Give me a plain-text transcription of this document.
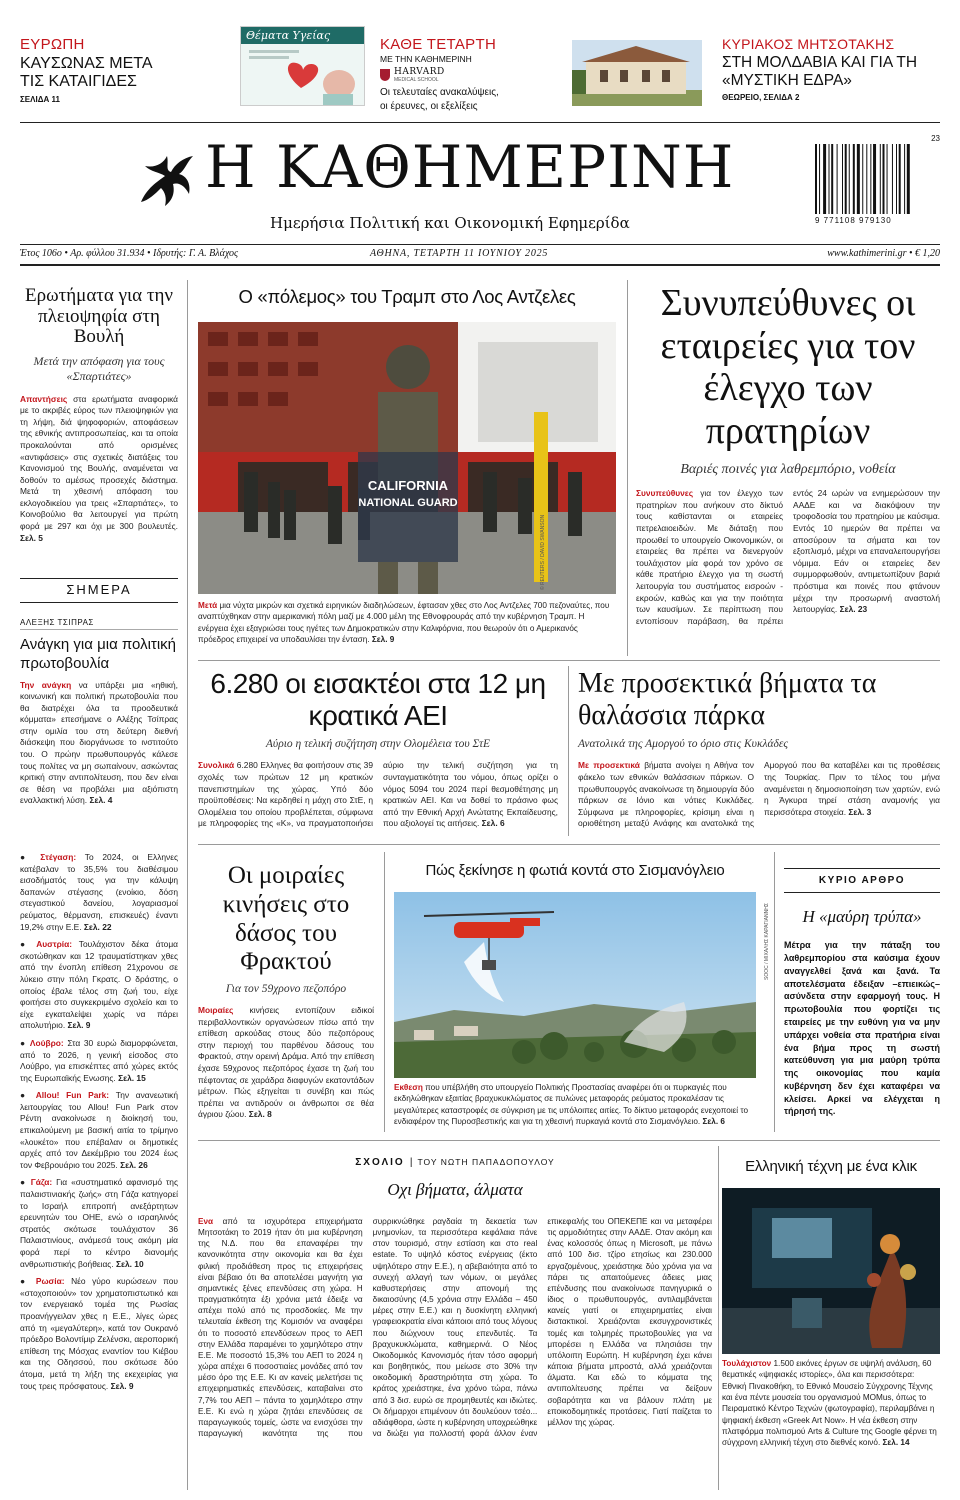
ΕΥΡΩΠΗ
ΚΑΥΣΩΝΑΣ ΜΕΤΑ ΤΙΣ ΚΑΤΑΙΓΙΔΕΣ
ΣΕΛΙΔΑ 11
Θέματα Υγείας
ΚΑΘΕ ΤΕΤΑΡΤΗ
ΜΕ ΤΗΝ ΚΑΘΗΜΕΡΙΝΗ
HARVARD
MEDICAL SCHOOL
Οι τελευταίες ανακαλύψεις, οι έρευνες, οι εξελίξεις
ΚΥΡΙΑΚΟΣ ΜΗΤΣΟΤΑΚΗΣ
ΣΤΗ ΜΟΛΔΑΒΙΑ ΚΑΙ ΓΙΑ ΤΗ «ΜΥΣΤΙΚΗ ΕΔΡΑ»
ΘΕΩΡΕΙΟ, ΣΕΛΙΔΑ 2
Η ΚΑΘΗΜΕΡΙΝΗ
Ημερήσια Πολιτική και Οικονομική Εφημερίδα
23
9 771108 979130
Έτος 106ο • Αρ. φύλλου 31.934 • Ιδρυτής: Γ. Α. Βλάχος	ΑΘΗΝΑ, ΤΕΤΑΡΤΗ 11 ΙΟΥΝΙΟΥ 2025	www.kathimerini.gr • € 1,20
Ερωτήματα για την πλειοψηφία στη Βουλή
Μετά την απόφαση για τους «Σπαρτιάτες»
Απαντήσεις στα ερωτήματα αναφορικά με το ακριβές εύρος των πλειοψηφιών για τη λήψη, διά ψηφοφοριών, αποφάσεων της εθνικής αντιπροσωπείας, και τα οποία προκαλούνται από ορισμένες «αντιφάσεις» στις σχετικές διατάξεις του Κανονισμού της Βουλής, αναμένεται να δοθούν το αμέσως προσεχές διάστημα. Μετά τη χθεσινή απόφαση του εκλογοδικείου για τρεις «Σπαρτιάτες», το Κοινοβούλιο θα λειτουργεί για πρώτη φορά με 297 και όχι με 300 βουλευτές. Σελ. 5
ΣΗΜΕΡΑ
ΑΛΕΞΗΣ ΤΣΙΠΡΑΣ
Ανάγκη για μια πολιτική πρωτοβουλία
Την ανάγκη να υπάρξει μια «ηθική, κοινωνική και πολιτική πρωτοβουλία που θα διατρέχει όλα τα προοδευτικά κόμματα» επεσήμανε ο Αλέξης Τσίπρας στην ομιλία του στη δεύτερη διεθνή διάσκεψη που διοργάνωσε το ινστιτούτο του. Ο πρώην πρωθυπουργός κάλεσε τους πολίτες να μη σωπαίνουν, ασκώντας κριτική στην αντιπολίτευση, που δεν είναι σε θέση να προβάλει μια αξιόπιστη εναλλακτική λύση. Σελ. 4
● Στέγαση: Το 2024, οι Ελληνες κατέβαλαν το 35,5% του διαθέσιμου εισοδήματός τους για την κάλυψη δαπανών στέγασης (ενοίκιο, δόση στεγαστικού δανείου, λογαριασμοί ρεύματος, θέρμανση, επισκευές) έναντι 19,2% στην Ε.Ε. Σελ. 22
● Αυστρία: Τουλάχιστον δέκα άτομα σκοτώθηκαν και 12 τραυματίστηκαν χθες από την ένοπλη επίθεση 21χρονου σε λύκειο στην πόλη Γκρατς. Ο δράστης, ο οποίος έβαλε τέλος στη ζωή του, είχε φοιτήσει στο συγκεκριμένο σχολείο και το είχε εγκαταλείψει χωρίς να πάρει απολυτήριο. Σελ. 9
● Λούβρο: Στα 30 ευρώ διαμορφώνεται, από το 2026, η γενική είσοδος στο Λούβρο, για επισκέπτες από χώρες εκτός της Ευρωπαϊκής Ενωσης. Σελ. 15
● Allou! Fun Park: Την ανανεωτική λειτουργίας του Allou! Fun Park στον Ρέντη ανακοίνωσε η διοίκησή του, επικαλούμενη με βασική αιτία το τρίμηνο «λουκέτο» που επέβαλαν οι δημοτικές αρχές από τον Δεκέμβριο του 2024 έως τον Φεβρουάριο του 2025. Σελ. 26
● Γάζα: Για «συστηματικό αφανισμό της παλαιστινιακής ζωής» στη Γάζα κατηγορεί το Ισραήλ επιτροπή ανεξάρτητων ερευνητών του ΟΗΕ, ενώ ο ισραηλινός στρατός σκότωσε τουλάχιστον 36 Παλαιστινίους, ανάμεσά τους ακόμη μία φορά περί το κέντρο διανομής ανθρωπιστικής βοήθειας. Σελ. 10
● Ρωσία: Νέο γύρο κυρώσεων που «στοχοποιούν» τον χρηματοπιστωτικό και τον ενεργειακό τομέα της Ρωσίας προανήγγειλαν χθες η Ε.Ε., λίγες ώρες από τη «μεγαλύτερη», κατά τον Ουκρανό πρόεδρο Βολοντίμιρ Ζελένσκι, αεροπορική επίθεση της Μόσχας εναντίον του Κιέβου και της Οδησσού, που σκότωσε δύο άτομα, μετά τη λήξη της εκεχειρίας για τους τρεις πρόσφατους. Σελ. 9
Ο «πόλεμος» του Τραμπ στο Λος Αντζελες
CALIFORNIA
NATIONAL GUARD
© REUTERS / DAVID SWANSON
Μετά μια νύχτα μικρών και σχετικά ειρηνικών διαδηλώσεων, έφτασαν χθες στο Λος Αντζελες 700 πεζοναύτες, που αναπτύχθηκαν στην αμερικανική πόλη μαζί με 4.000 μέλη της Εθνοφρουράς από την κυβέρνηση Τραμπ. Η ενέργεια έχει εξαγριώσει τους ηγέτες των Δημοκρατικών στην Καλιφόρνια, που θεωρούν ότι ο Αμερικανός πρόεδρος επιχειρεί να υποδαυλίσει την ένταση. Σελ. 9
Συνυπεύθυνες οι εταιρείες για τον έλεγχο των πρατηρίων
Βαριές ποινές για λαθρεμπόριο, νοθεία
Συνυπεύθυνες για τον έλεγχο των πρατηρίων που ανήκουν στο δίκτυό τους καθίστανται οι εταιρείες πετρελαιοειδών. Με διάταξη που προωθεί το υπουργείο Οικονομικών, οι εταιρείες θα πρέπει να διενεργούν τουλάχιστον μία φορά τον χρόνο σε κάθε πρατήριο έλεγχο για τη σωστή λειτουργία του συστήματος εισροών - εκροών, καθώς και για την ποιότητα των καυσίμων. Σε περίπτωση που εντοπίσουν παράβαση, θα πρέπει εντός 24 ωρών να ενημερώσουν την ΑΑΔΕ και να διακόψουν την τροφοδοσία του πρατηρίου με καύσιμα. Εντός 10 ημερών θα πρέπει να αποσύρουν τα σήματα και τον εξοπλισμό, μέχρι να επαναλειτουργήσει νόμιμα. Εάν οι εταιρείες δεν συμμορφωθούν, αντιμετωπίζουν βαριά πρόστιμα και ποινές που φτάνουν μέχρι την προσωρινή αναστολή λειτουργίας. Σελ. 23
6.280 οι εισακτέοι στα 12 μη κρατικά ΑΕΙ
Αύριο η τελική συζήτηση στην Ολομέλεια του ΣτΕ
Συνολικά 6.280 Ελληνες θα φοιτήσουν στις 39 σχολές των πρώτων 12 μη κρατικών πανεπιστημίων της χώρας. Υπό δύο προϋποθέσεις: Να κερδηθεί η μάχη στο ΣτΕ, η Ολομέλεια του οποίου προβλέπεται, σύμφωνα με πληροφορίες της «Κ», να πραγματοποιήσει αύριο την τελική συζήτηση για τη συνταγματικότητα του νόμου, όπως ορίζει ο νόμος 5094 του 2024 περί θεσμοθέτησης μη κρατικών ΑΕΙ. Και να δοθεί το πράσινο φως από την Εθνική Αρχή Ανώτατης Εκπαίδευσης, που αξιολογεί τις αιτήσεις. Σελ. 6
Με προσεκτικά βήματα τα θαλάσσια πάρκα
Ανατολικά της Αμοργού το όριο στις Κυκλάδες
Με προσεκτικά βήματα ανοίγει η Αθήνα τον φάκελο των εθνικών θαλάσσιων πάρκων. Ο πρωθυπουργός ανακοίνωσε τη δημιουργία δύο πάρκων σε Ιόνιο και νότιες Κυκλάδες. Σύμφωνα με πληροφορίες, κρίσιμη είναι η οριοθέτηση μεταξύ Ανάφης και ανατολικά της Αμοργού που θα καταβέλει και τις προθέσεις της Τουρκίας. Πριν το τέλος του μήνα αναμένεται η δημοσιοποίηση των χαρτών, ενώ η Άγκυρα τηρεί στάση αναμονής για περισσότερα στοιχεία. Σελ. 3
Οι μοιραίες κινήσεις στο δάσος του Φρακτού
Για τον 59χρονο πεζοπόρο
Μοιραίες κινήσεις εντοπίζουν ειδικοί περιβαλλοντικών οργανώσεων πίσω από την επίθεση αρκούδας στους δύο πεζοπόρους στην περιοχή του παρθένου δάσους του Φρακτού, στην ορεινή Δράμα. Από την επίθεση έχασε 59χρονος πεζοπόρος έχασε τη ζωή του πέφτοντας σε χαράδρα διαφυγών εκατοντάδων μέτρων. Πώς εξηγείται τι συνέβη και πώς πρέπει να αντιδρούν οι άνθρωποι σε θέα άγριου ζώου. Σελ. 8
Πώς ξεκίνησε η φωτιά κοντά στο Σισμανόγλειο
SOOC / ΜΙΧΑΛΗΣ ΚΑΡΑΓΙΑΝΝΗΣ
Εκθεση που υπέβλήθη στο υπουργείο Πολιτικής Προστασίας αναφέρει ότι οι πυρκαγιές που εκδηλώθηκαν εξαιτίας βραχυκυκλώματος σε πυλώνες μεταφοράς ρεύματος προκαλέσαν τις μεγαλύτερες καταστροφές σε σύγκριση με τις υπόλοιπες αιτίες. Το δίκτυο μεταφοράς ενεχοποιεί το ενδιαφέρον της Πυροσβεστικής και για τη χθεσινή πυρκαγιά κοντά στο Σισμανόγλειο. Σελ. 6
ΚΥΡΙΟ ΑΡΘΡΟ
Η «μαύρη τρύπα»
Μέτρα για την πάταξη του λαθρεμπορίου στα καύσιμα έχουν αναγγελθεί ξανά και ξανά. Τα αποτελέσματα έδειξαν –επιεικώς– ασύνδετα στην εφαρμογή τους. Η πρωτοβουλία που φορτίζει τις εταιρείες με την ευθύνη για να μην υπάρχει νοθεία στα πρατήρια είναι ένα βήμα προς τη σωστή κατεύθυνση για μια μαύρη τρύπα της οικονομίας που καμία κυβέρνηση δεν έχει καταφέρει να κλείσει. Αρκεί να ελέγχεται η τήρησή της.
ΣΧΟΛΙΟ | ΤΟΥ ΝΩΤΗ ΠΑΠΑΔΟΠΟΥΛΟΥ
Οχι βήματα, άλματα
Ενα από τα ισχυρότερα επιχειρήματα Μητσοτάκη το 2019 ήταν ότι μια κυβέρνηση της Ν.Δ. που θα επαναφέρει την κανονικότητα στην οικονομία και θα έχει φιλική προδιάθεση προς τις επιχειρήσεις είναι βέβαιο ότι θα αποτελέσει μαγνήτη για σημαντικές ξένες επενδύσεις στη χώρα. Η πραγματικότητα έξι χρόνια μετά έδειξε να απέχει πολύ από τις προσδοκίες. Με την τελευταία έκθεση της Κομισιόν να αναφέρει ότι το ποσοστό επενδύσεων προς το ΑΕΠ στην Ελλάδα παραμένει το χαμηλότερο στην Ε.Ε. Με ποσοστό 15,3% του ΑΕΠ το 2024 η χώρα απέχει 6 ποσοστιαίες μονάδες από τον μέσο όρο της Ε.Ε. Κι αν κανείς μελετήσει τις επιχειρηματικές επενδύσεις, καταβαίνει στο 7,7% του ΑΕΠ – πάντα το χαμηλότερο στην Ε.Ε. Κι ενώ η χώρα ζητάει επενδύσεις σε παραγωγικούς τομείς, ώστε να ενισχύσει την παραγωγική ικανότητα της που συρρικνώθηκε ραγδαία τη δεκαετία των μνημονίων, τα περισσότερα κεφάλαια πάνε στον τουρισμό, στην εστίαση και στο real estate. Το υψηλό κόστος ενέργειας (έκτο υψηλότερο στην Ε.Ε.), η αβεβαιότητα από το συνεχή αλλαγή των νόμων, οι μεγάλες καθυστερήσεις στην απονομή της δικαιοσύνης (4,5 χρόνια στην Ελλάδα – 450 μέρες στην Ε.Ε.) και η δυσκίνητη ελληνική γραφειοκρατία είναι κάποιοι από τους λόγους που διώχνουν τους επενδυτές. Τα βραχυκυκλώματα, καθημερινά. Ο Νέος Οικοδομικός Κανονισμός ήταν τόσο αφορμή και βοηθητικός, που μείωσε στο 30% την οικοδομική δραστηριότητα στη χώρα. Το κράτος χρειάστηκε, ένα χρόνο τώρα, πάνω από 3 δισ. ευρώ σε προμηθευτές και ιδιώτες. Οι δήμαρχοι επιμένουν ότι δουλεύουν τσέο... αδιάφθορα, ώστε η κυβέρνηση υποχρεώθηκε να διώξει για πολλοστή φορά άλλον έναν επικεφαλής του ΟΠΕΚΕΠΕ και να μεταφέρει τις αρμοδιότητες στην ΑΑΔΕ. Οταν ακόμη και ένας κολοσσός όπως η Microsoft, με πάνω από 100 δισ. τζίρο ετησίως και 230.000 εργαζομένους, χρειάστηκε δύο χρόνια για να πάρει τις απαιτούμενες άδειες μιας επένδυσης που ανακοίνωσε πανηγυρικά ο ίδιος ο πρωθυπουργός, αντιλαμβάνεται κανείς γιατί οι επιχειρηματίες είναι διστακτικοί. Χρειάζονται εκσυγχρονιστικές τομές και τολμηρές πρωτοβουλίες για να μπορέσει η Ελλάδα να πλησιάσει την υπόλοιπη Ευρώπη. Η κυβέρνηση έχει κάνει κάποια βήματα μπροστά, αλλά χρειάζονται άλματα. Και εδώ το κόμματα της αντιπολίτευσης πρέπει να δείξουν σοβαρότητα και να βάλουν πλάτη με εποικοδομητικές προτάσεις. Γιατί παίζεται το μέλλον της χώρας.
Ελληνική τέχνη με ένα κλικ
Τουλάχιστον 1.500 εικόνες έργων σε υψηλή ανάλυση, 60 θεματικές «ψηφιακές ιστορίες», όλα και περισσότερα: Εθνική Πινακοθήκη, το Εθνικό Μουσείο Σύγχρονης Τέχνης και ένα πέντε μουσεία του οργανισμού MOMus, όπως το Πειραματικό Κέντρο Τεχνών (φωτογραφία), περιλαμβάνει η ψηφιακή έκθεση «Greek Art Now». Η νέα έκθεση στην πλατφόρμα πολιτισμού Arts & Culture της Google φέρνει τη σύγχρονη ελληνική τέχνη στο διεθνές κοινό. Σελ. 14
